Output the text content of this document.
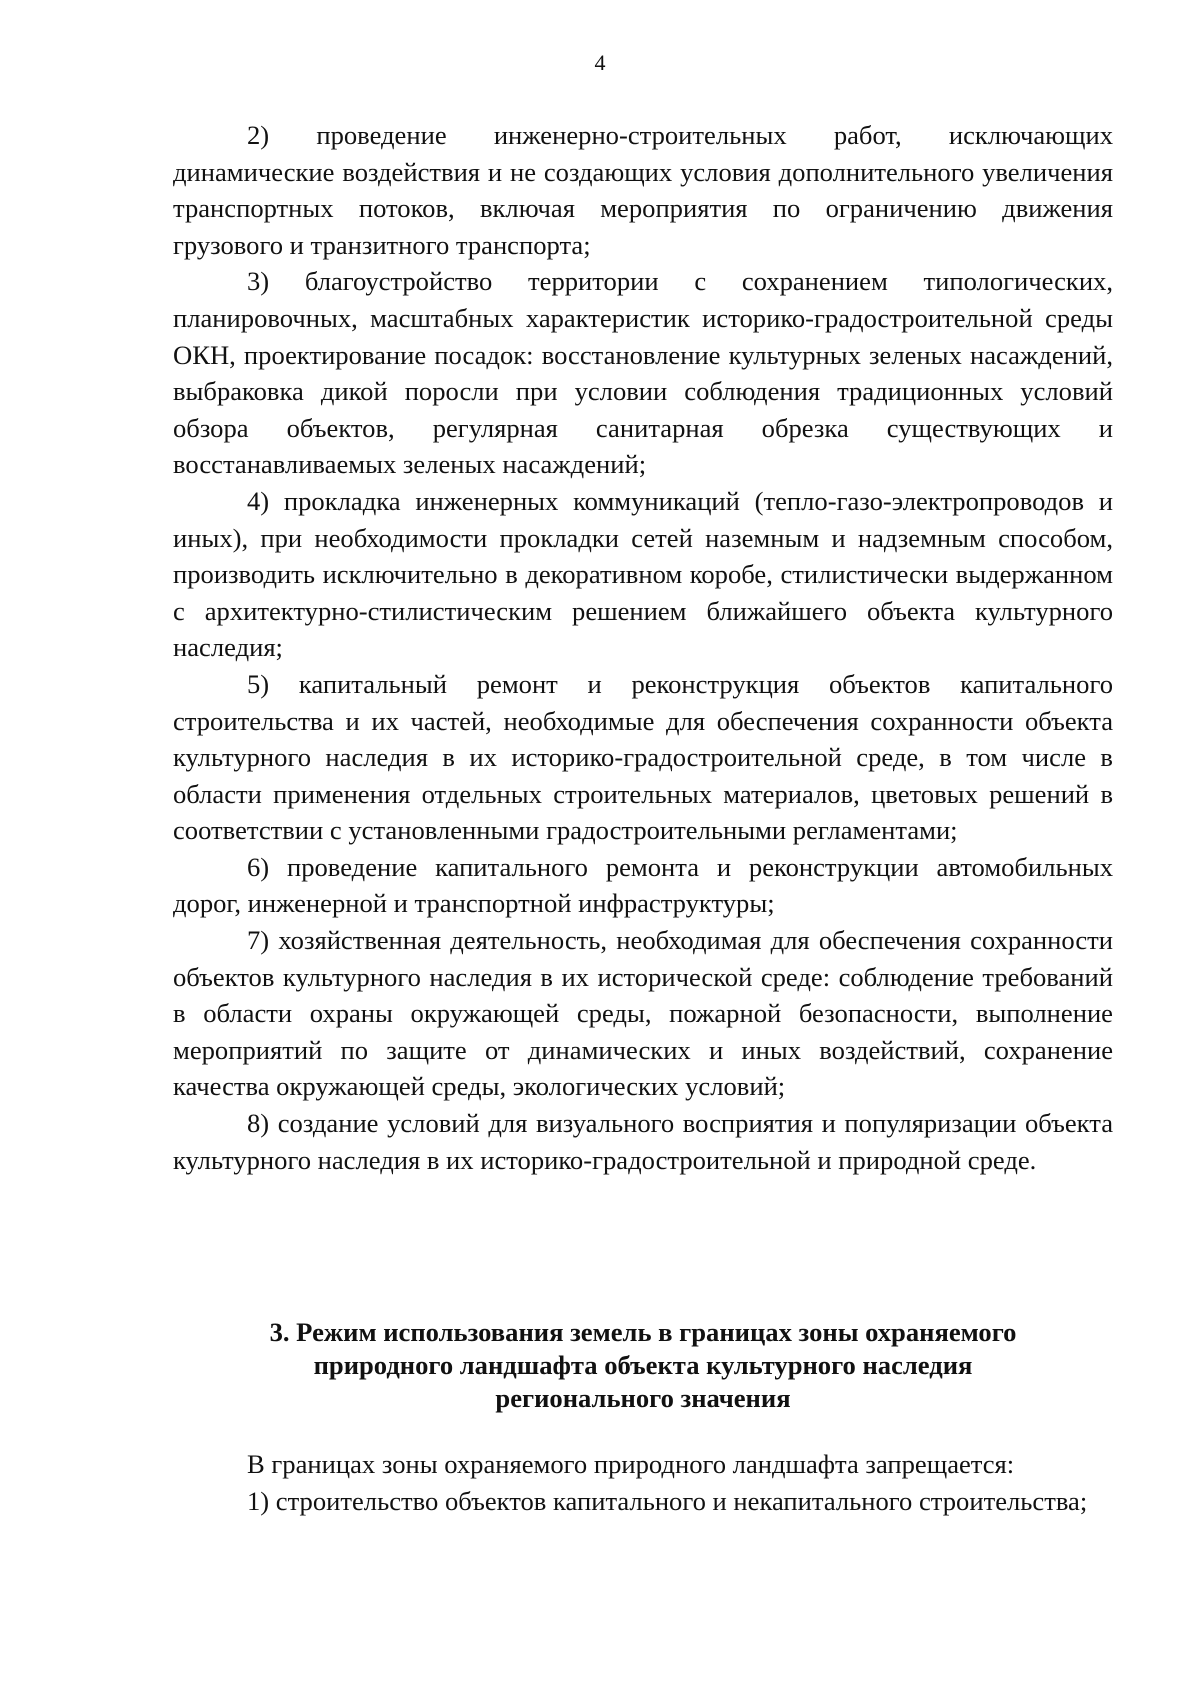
4

2) проведение инженерно-строительных работ, исключающих динамические воздействия и не создающих условия дополнительного увеличения транспортных потоков, включая мероприятия по ограничению движения грузового и транзитного транспорта;

3) благоустройство территории с сохранением типологических, планировочных, масштабных характеристик историко-градостроительной среды ОКН, проектирование посадок: восстановление культурных зеленых насаждений, выбраковка дикой поросли при условии соблюдения традиционных условий обзора объектов, регулярная санитарная обрезка существующих и восстанавливаемых зеленых насаждений;

4) прокладка инженерных коммуникаций (тепло-газо-электропроводов и иных), при необходимости прокладки сетей наземным и надземным способом, производить исключительно в декоративном коробе, стилистически выдержанном с архитектурно-стилистическим решением ближайшего объекта культурного наследия;

5) капитальный ремонт и реконструкция объектов капитального строительства и их частей, необходимые для обеспечения сохранности объекта культурного наследия в их историко-градостроительной среде, в том числе в области применения отдельных строительных материалов, цветовых решений в соответствии с установленными градостроительными регламентами;

6) проведение капитального ремонта и реконструкции автомобильных дорог, инженерной и транспортной инфраструктуры;

7) хозяйственная деятельность, необходимая для обеспечения сохранности объектов культурного наследия в их исторической среде: соблюдение требований в области охраны окружающей среды, пожарной безопасности, выполнение мероприятий по защите от динамических и иных воздействий, сохранение качества окружающей среды, экологических условий;

8) создание условий для визуального восприятия и популяризации объекта культурного наследия в их историко-градостроительной и природной среде.

3. Режим использования земель в границах зоны охраняемого
природного ландшафта объекта культурного наследия
регионального значения

В границах зоны охраняемого природного ландшафта запрещается:

1) строительство объектов капитального и некапитального строительства;
